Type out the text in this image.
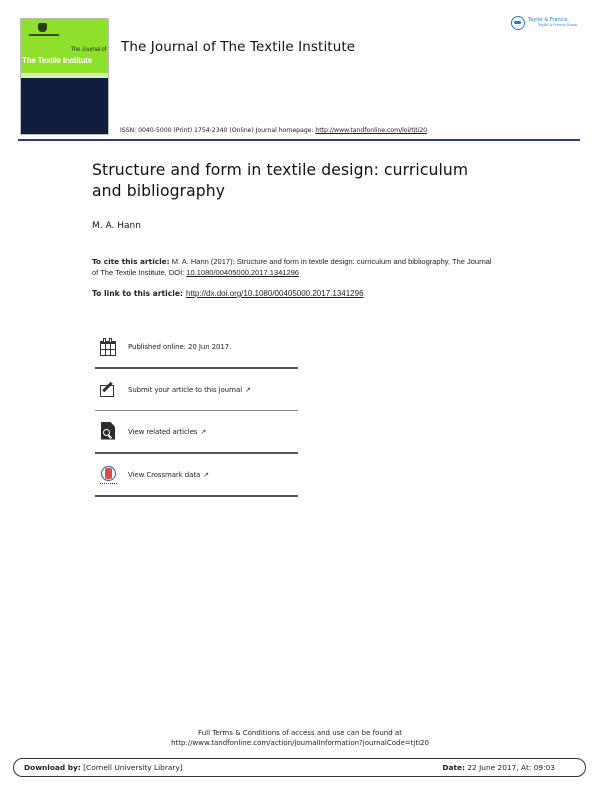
The Journal of
The Textile Institute
The Journal of The Textile Institute
Taylor & Francis
Taylor & Francis Group
ISSN: 0040-5000 (Print) 1754-2340 (Online) Journal homepage: http://www.tandfonline.com/loi/tjti20
Structure and form in textile design: curriculum and bibliography
M. A. Hann
To cite this article: M. A. Hann (2017): Structure and form in textile design: curriculum and bibliography, The Journal of The Textile Institute, DOI: 10.1080/00405000.2017.1341296
To link to this article: http://dx.doi.org/10.1080/00405000.2017.1341296
Published online: 20 Jun 2017.
Submit your article to this journal ↗
View related articles ↗
View Crossmark data ↗
Full Terms & Conditions of access and use can be found at
http://www.tandfonline.com/action/journalInformation?journalCode=tjti20
Download by: [Cornell University Library]	Date: 22 June 2017, At: 09:03
